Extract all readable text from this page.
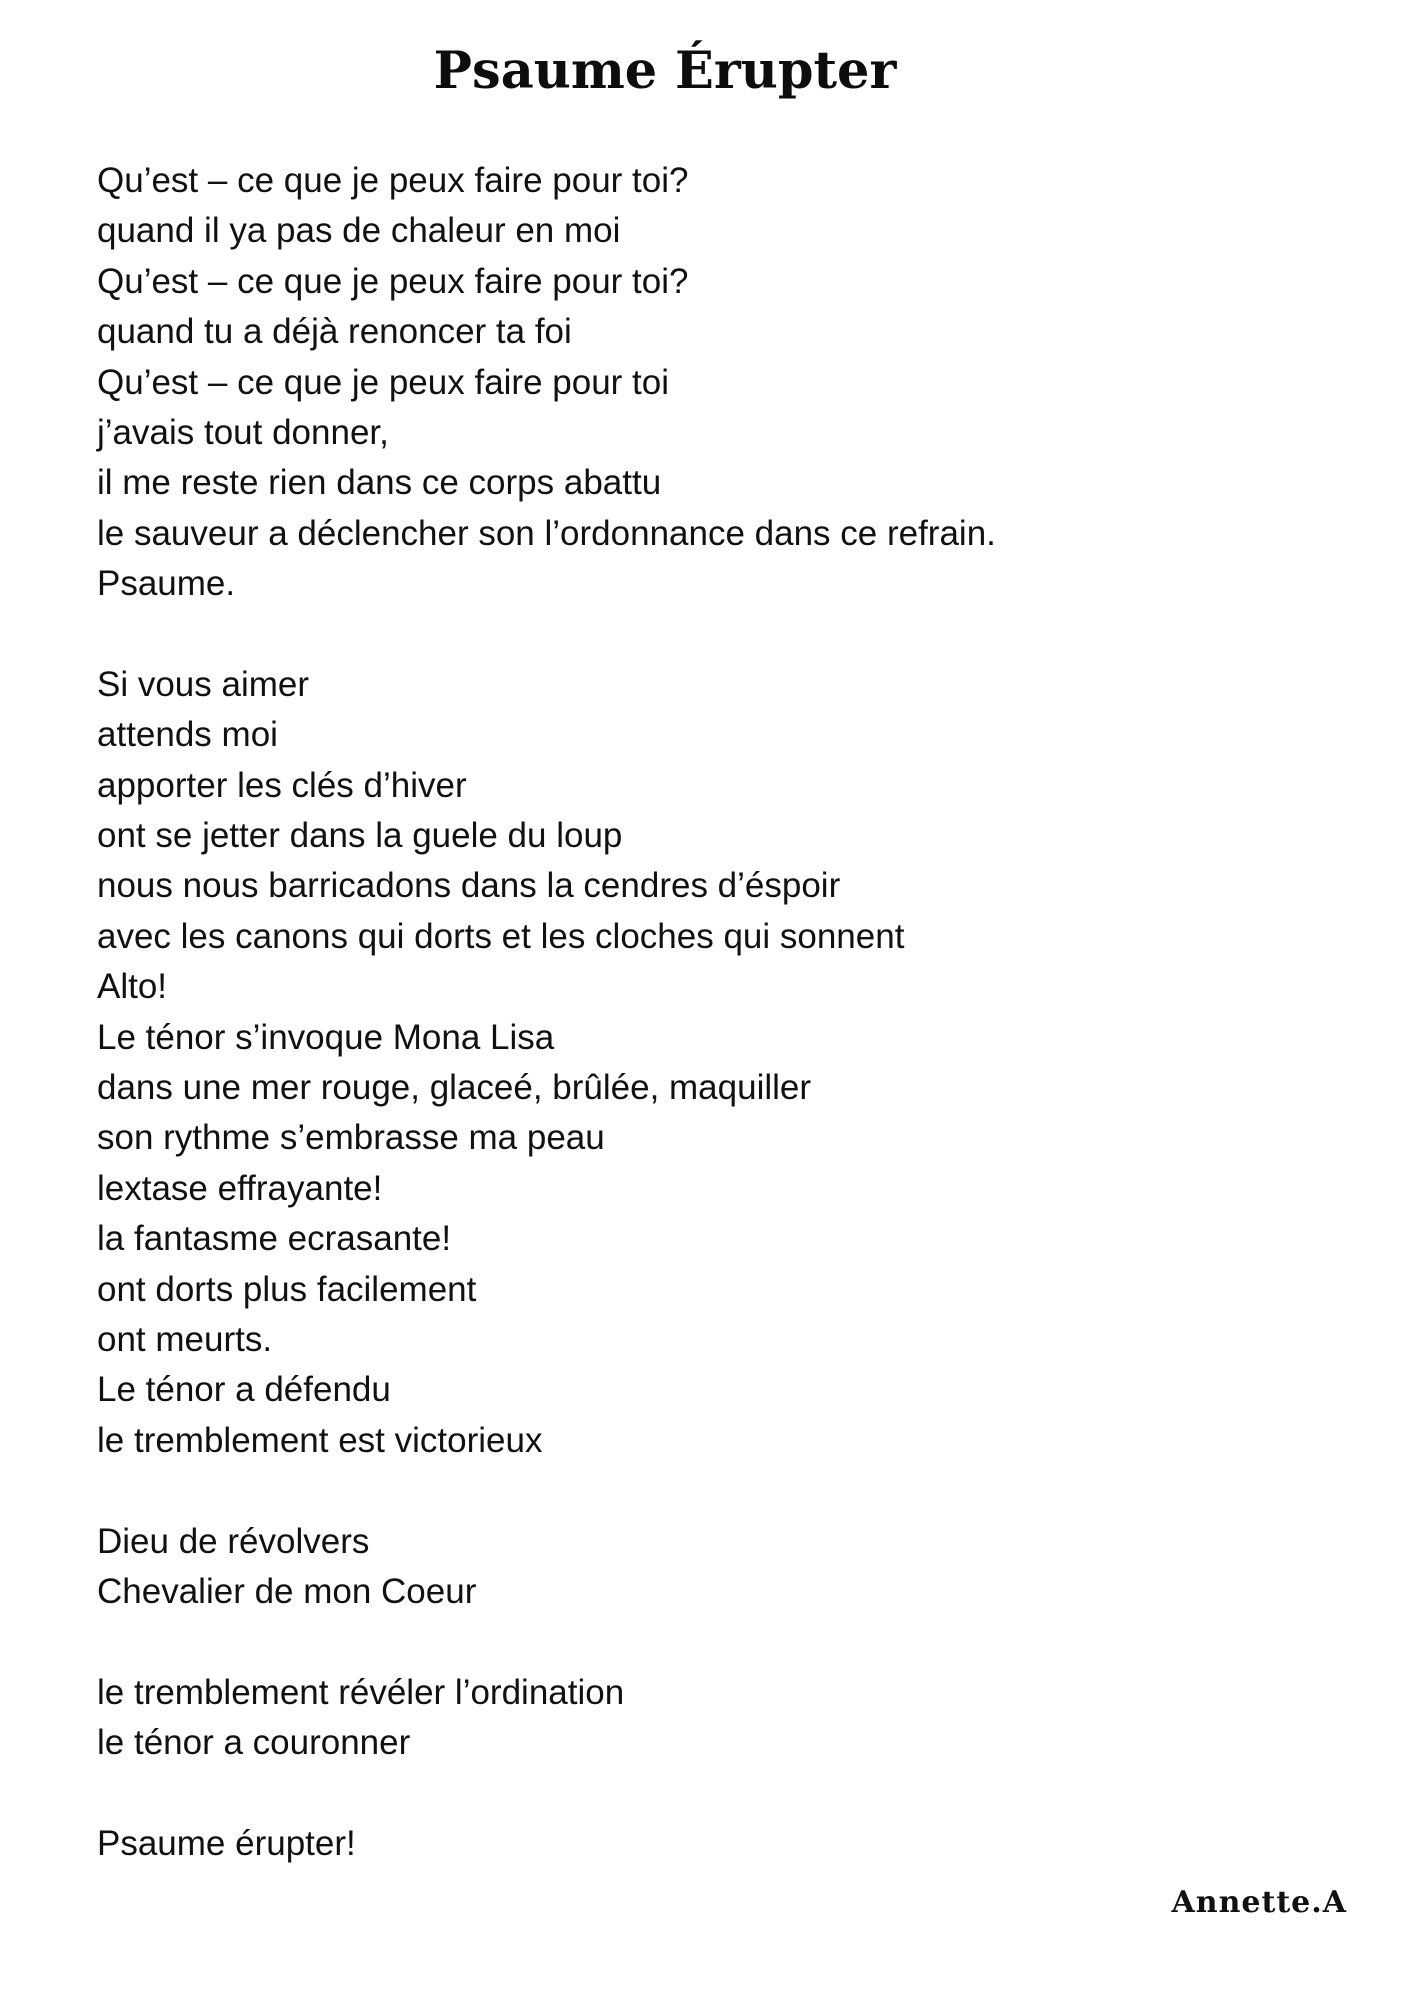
Psaume Érupter
Qu’est – ce que je peux faire pour toi?
quand il ya pas de chaleur en moi
Qu’est – ce que je peux faire pour toi?
quand tu a déjà renoncer ta foi
Qu’est – ce que je peux faire pour toi
j’avais tout donner,
il me reste rien dans ce corps abattu
le sauveur a déclencher son l’ordonnance dans ce refrain.
Psaume.
Si vous aimer
attends moi
apporter les clés d’hiver
ont se jetter dans la guele du loup
nous nous barricadons dans la cendres d’éspoir
avec les canons qui dorts et les cloches qui sonnent
Alto!
Le ténor s’invoque Mona Lisa
dans une mer rouge, glaceé, brûlée, maquiller
son rythme s’embrasse ma peau
lextase effrayante!
la fantasme ecrasante!
ont dorts plus facilement
ont meurts.
Le ténor a défendu
le tremblement est victorieux
Dieu de révolvers
Chevalier de mon Coeur
le tremblement révéler l’ordination
le ténor a couronner
Psaume érupter!
Annette.A
